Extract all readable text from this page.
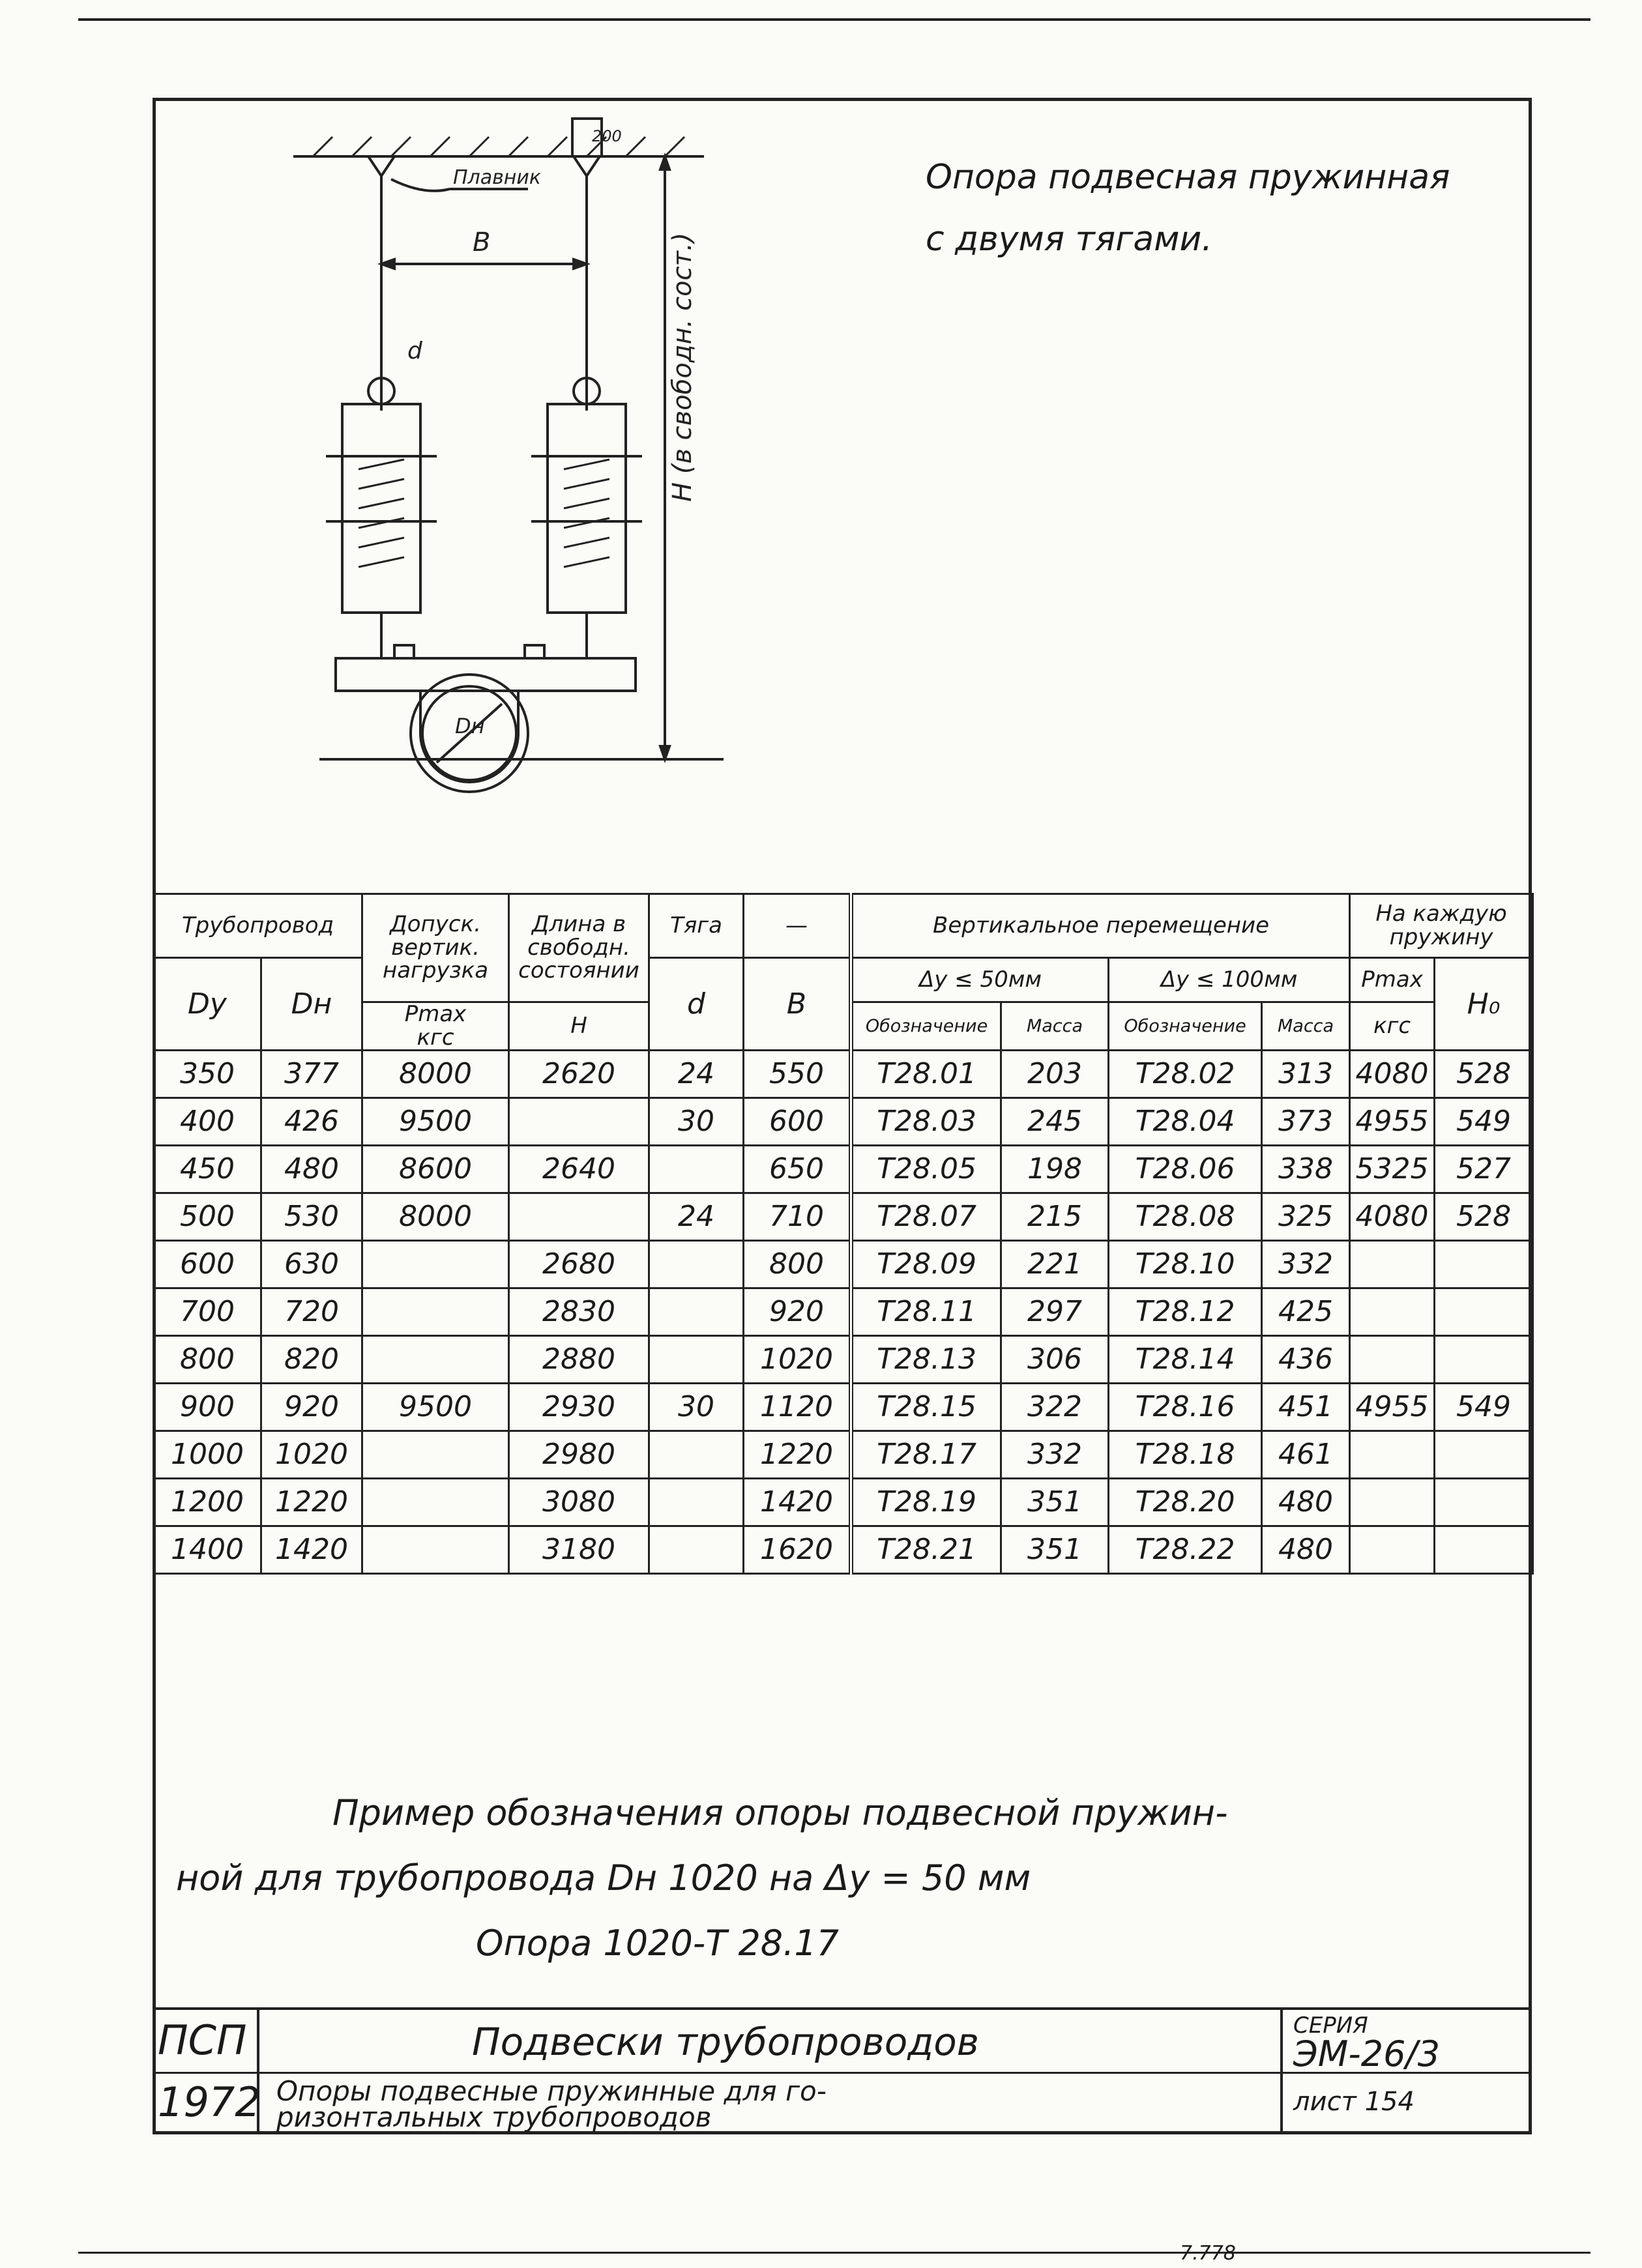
200
Плавник
В
d	Н (в свободн. сост.)
Dн
Опора подвесная пружинная
с двумя тягами.
Трубопровод		Допуск. вертик. нагрузка	Длина в свободн. состоянии	Тяга	—	Вертикальное перемещение				На каждую пружину	
Dу	Dн			d	В	Δу ≤ 50мм		Δу ≤ 100мм		Pmax	Н₀
		Pmax
кгс	Н			Обозначение	Масса	Обозначение	Масса	кгс	
350	377	8000	2620	24	550	Т28.01	203	Т28.02	313	4080	528
400	426	9500		30	600	Т28.03	245	Т28.04	373	4955	549
450	480	8600	2640		650	Т28.05	198	Т28.06	338	5325	527
500	530	8000		24	710	Т28.07	215	Т28.08	325	4080	528
600	630		2680		800	Т28.09	221	Т28.10	332		
700	720		2830		920	Т28.11	297	Т28.12	425		
800	820		2880		1020	Т28.13	306	Т28.14	436		
900	920	9500	2930	30	1120	Т28.15	322	Т28.16	451	4955	549
1000	1020		2980		1220	Т28.17	332	Т28.18	461		
1200	1220		3080		1420	Т28.19	351	Т28.20	480		
1400	1420		3180		1620	Т28.21	351	Т28.22	480		
Пример обозначения опоры подвесной пружин-
ной для трубопровода Dн 1020 на Δу = 50 мм
Опора 1020-Т 28.17
ПСП
1972
Подвески трубопроводов
Опоры подвесные пружинные для го-
ризонтальных трубопроводов
СЕРИЯ
ЭМ-26/3
лист 154
7.778
